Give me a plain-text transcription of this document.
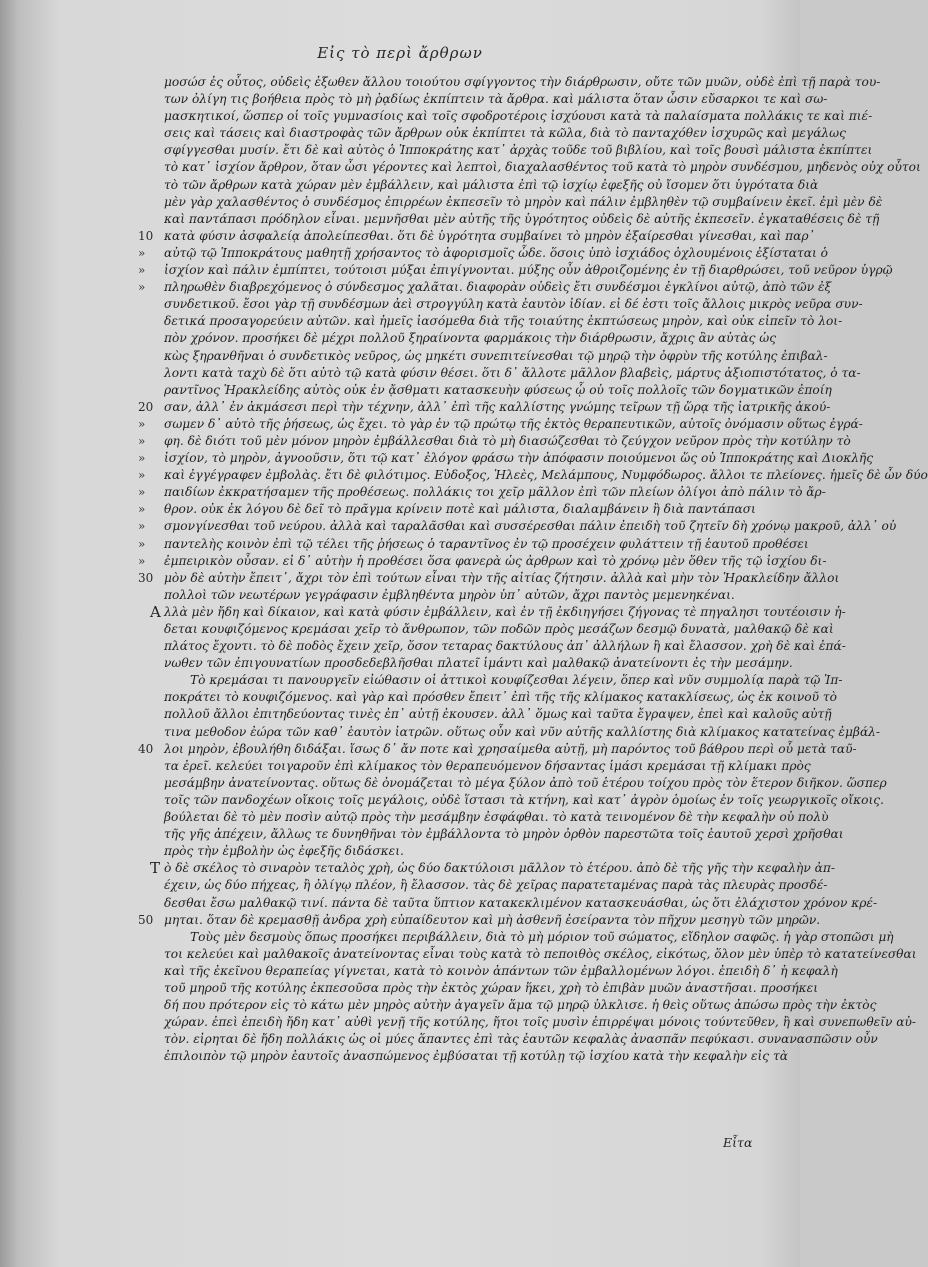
Εἰς τὸ περὶ ἄρθρων
μοσώσ ἐς οὗτος, οὐδεὶς ἐξωθεν ἄλλου τοιούτου σφίγγοντος τὴν διάρθρωσιν, οὔτε τῶν μυῶν, οὐδὲ ἐπὶ τῇ παρὰ του-
των ὀλίγη τις βοήθεια πρὸς τὸ μὴ ῥᾳδίως ἐκπίπτειν τὰ ἄρθρα. καὶ μάλιστα ὅταν ὦσιν εὔσαρκοι τε καὶ σω-
μασκητικοί, ὥσπερ οἱ τοῖς γυμνασίοις καὶ τοῖς σφοδροτέροις ἰσχύουσι κατὰ τὰ παλαίσματα πολλάκις τε καὶ πιέ-
σεις καὶ τάσεις καὶ διαστροφὰς τῶν ἄρθρων οὐκ ἐκπίπτει τὰ κῶλα, διὰ τὸ πανταχόθεν ἰσχυρῶς καὶ μεγάλως
σφίγγεσθαι μυσίν. ἔτι δὲ καὶ αὐτὸς ὁ Ἱπποκράτης κατ᾽ ἀρχὰς τοῦδε τοῦ βιβλίου, καὶ τοῖς βουσὶ μάλιστα ἐκπίπτει
τὸ κατ᾽ ἰσχίον ἄρθρον, ὅταν ὦσι γέροντες καὶ λεπτοὶ, διαχαλασθέντος τοῦ κατὰ τὸ μηρὸν συνδέσμου, μηδενὸς οὐχ οὗτοι
τὸ τῶν ἄρθρων κατὰ χώραν μὲν ἐμβάλλειν, καὶ μάλιστα ἐπὶ τῷ ἰσχίῳ ἐφεξῆς οὐ ἴσομεν ὅτι ὑγρότατα διὰ
μὲν γὰρ χαλασθέντος ὁ συνδέσμος ἐπιρρέων ἐκπεσεῖν τὸ μηρὸν καὶ πάλιν ἐμβληθὲν τῷ συμβαίνειν ἐκεῖ. ἐμὶ μὲν δὲ
καὶ παντάπασι πρόδηλον εἶναι. μεμνῆσθαι μὲν αὐτῆς τῆς ὑγρότητος οὐδεὶς δὲ αὐτῆς ἐκπεσεῖν. ἐγκαταθέσεις δὲ τῇ
10 κατὰ φύσιν ἀσφαλείᾳ ἀπολείπεσθαι. ὅτι δὲ ὑγρότητα συμβαίνει τὸ μηρὸν ἐξαίρεσθαι γίνεσθαι, καὶ παρ᾽
» αὐτῷ τῷ Ἱπποκράτους μαθητῇ χρήσαντος τὸ ἀφορισμοῖς ὧδε. ὅσοις ὑπὸ ἰσχιάδος ὀχλουμένοις ἐξίσταται ὁ
» ἰσχίον καὶ πάλιν ἐμπίπτει, τούτοισι μύξαι ἐπιγίγνονται. μύξης οὖν ἀθροιζομένης ἐν τῇ διαρθρώσει, τοῦ νεῦρον ὑγρῷ
» πληρωθὲν διαβρεχόμενος ὁ σύνδεσμος χαλᾶται. διαφορὰν οὐδεὶς ἔτι συνδέσμοι ἐγκλίνοι αὐτῷ, ἀπὸ τῶν ἐξ
συνδετικοῦ. ἔσοι γὰρ τῇ συνδέσμων ἀεὶ στρογγύλη κατὰ ἑαυτὸν ἰδίαν. εἰ δέ ἐστι τοῖς ἄλλοις μικρὸς νεῦρα συν-
δετικά προσαγορεύειν αὐτῶν. καὶ ἡμεῖς ἰασόμεθα διὰ τῆς τοιαύτης ἐκπτώσεως μηρὸν, καὶ οὐκ εἰπεῖν τὸ λοι-
πὸν χρόνον. προσήκει δὲ μέχρι πολλοῦ ξηραίνοντα φαρμάκοις τὴν διάρθρωσιν, ἄχρις ἂν αὐτὰς ὡς
κὼς ξηρανθῆναι ὁ συνδετικὸς νεῦρος, ὡς μηκέτι συνεπιτείνεσθαι τῷ μηρῷ τὴν ὀφρὺν τῆς κοτύλης ἐπιβαλ-
λοντι κατὰ ταχὺ δὲ ὅτι αὐτὸ τῷ κατὰ φύσιν θέσει. ὅτι δ᾽ ἄλλοτε μᾶλλον βλαβεὶς, μάρτυς ἀξιοπιστότατος, ὁ τα-
ραντῖνος Ἡρακλείδης αὐτὸς οὐκ ἐν ᾄσθματι κατασκευὴν φύσεως ᾧ οὐ τοῖς πολλοῖς τῶν δογματικῶν ἐποίη
20 σαν, ἀλλ᾽ ἐν ἀκμάσεσι περὶ τὴν τέχνην, ἀλλ᾽ ἐπὶ τῆς καλλίστης γνώμης τεῖρων τῇ ὥρᾳ τῆς ἰατρικῆς ἀκού-
» σωμεν δ᾽ αὐτὸ τῆς ῥήσεως, ὡς ἔχει. τὸ γὰρ ἐν τῷ πρώτῳ τῆς ἐκτὸς θεραπευτικῶν, αὐτοῖς ὀνόμασιν οὕτως ἐγρά-
» φη. δὲ διότι τοῦ μὲν μόνον μηρὸν ἐμβάλλεσθαι διὰ τὸ μὴ διασώζεσθαι τὸ ζεύγχον νεῦρον πρὸς τὴν κοτύλην τὸ
» ἰσχίον, τὸ μηρὸν, ἀγνοοῦσιν, ὅτι τῷ κατ᾽ ἐλόγον φράσω τὴν ἀπόφασιν ποιούμενοι ὥς οὐ Ἱπποκράτης καὶ Διοκλῆς
» καὶ ἐγγέγραφεν ἐμβολὰς. ἔτι δὲ φιλότιμος. Εὐδοξος, Ἡλεὲς, Μελάμπους, Νυμφόδωρος. ἄλλοι τε πλείονες. ἡμεῖς δὲ ὦν δύο
» παιδίων ἐκκρατήσαμεν τῆς προθέσεως. πολλάκις τοι χεῖρ μᾶλλον ἐπὶ τῶν πλείων ὀλίγοι ἀπὸ πάλιν τὸ ἄρ-
» θρον. οὐκ ἐκ λόγου δὲ δεῖ τὸ πρᾶγμα κρίνειν ποτὲ καὶ μάλιστα, διαλαμβάνειν ἢ διὰ παντάπασι
» σμονγίνεσθαι τοῦ νεύρου. ἀλλὰ καὶ ταραλᾶσθαι καὶ συσσέρεσθαι πάλιν ἐπειδὴ τοῦ ζητεῖν δὴ χρόνῳ μακροῦ, ἀλλ᾽ οὐ
» παντελὴς κοινὸν ἐπὶ τῷ τέλει τῆς ῥήσεως ὁ ταραντῖνος ἐν τῷ προσέχειν φυλάττειν τῇ ἑαυτοῦ προθέσει
» ἐμπειρικὸν οὖσαν. εἰ δ᾽ αὐτὴν ἡ προθέσει ὅσα φανερὰ ὡς ἀρθρων καὶ τὸ χρόνῳ μὲν ὅθεν τῆς τῷ ἰσχίου δι-
30 μὸν δὲ αὐτὴν ἔπειτ᾽, ἄχρι τὸν ἐπὶ τούτων εἶναι τὴν τῆς αἰτίας ζήτησιν. ἀλλὰ καὶ μὴν τὸν Ἡρακλείδην ἄλλοι
πολλοὶ τῶν νεωτέρων γεγράφασιν ἐμβληθέντα μηρὸν ὑπ᾽ αὐτῶν, ἄχρι παντὸς μεμενηκέναι.
A λλὰ μὲν ἤδη καὶ δίκαιον, καὶ κατὰ φύσιν ἐμβάλλειν, καὶ ἐν τῇ ἐκδιηγήσει ζήγονας τὲ πηγαλησι τουτέοισιν ἡ-
δεται κουφιζόμενος κρεμάσαι χεῖρ τὸ ἄνθρωπον, τῶν ποδῶν πρὸς μεσάζων δεσμῷ δυνατὰ, μαλθακῷ δὲ καὶ
πλάτος ἔχοντι. τὸ δὲ ποδὸς ἔχειν χεῖρ, ὅσον τεταρας δακτύλους ἀπ᾽ ἀλλήλων ἢ καὶ ἔλασσον. χρὴ δὲ καὶ ἐπά-
νωθεν τῶν ἐπιγουνατίων προσδεδεβλῆσθαι πλατεῖ ἱμάντι καὶ μαλθακῷ ἀνατείνοντι ἐς τὴν μεσάμην.
Τὸ κρεμάσαι τι πανουργεῖν εἰώθασιν οἱ ἀττικοὶ κουφίζεσθαι λέγειν, ὅπερ καὶ νῦν συμμολίᾳ παρὰ τῷ Ἱπ-
ποκράτει τὸ κουφιζόμενος. καὶ γὰρ καὶ πρόσθεν ἔπειτ᾽ ἐπὶ τῆς τῆς κλίμακος κατακλίσεως, ὡς ἐκ κοινοῦ τὸ
πολλοῦ ἄλλοι ἐπιτηδεύοντας τινὲς ἐπ᾽ αὐτῇ ἐκουσεν. ἀλλ᾽ ὅμως καὶ ταῦτα ἔγραψεν, ἐπεὶ καὶ καλοῦς αὐτῇ
τινα μεθοδον ἐώρα τῶν καθ᾽ ἑαυτὸν ἰατρῶν. οὕτως οὖν καὶ νῦν αὐτῆς καλλίστης διὰ κλίμακος κατατείνας ἐμβάλ-
40 λοι μηρὸν, ἐβουλήθη διδάξαι. ἴσως δ᾽ ἄν ποτε καὶ χρησαίμεθα αὐτῇ, μὴ παρόντος τοῦ βάθρου περὶ οὗ μετὰ ταῦ-
τα ἐρεῖ. κελεύει τοιγαροῦν ἐπὶ κλίμακος τὸν θεραπευόμενον δήσαντας ἱμάσι κρεμάσαι τῇ κλίμακι πρὸς
μεσάμβην ἀνατείνοντας. οὕτως δὲ ὀνομάζεται τὸ μέγα ξύλον ἀπὸ τοῦ ἑτέρου τοίχου πρὸς τὸν ἕτερον διῆκον. ὥσπερ
τοῖς τῶν πανδοχέων οἴκοις τοῖς μεγάλοις, οὐδὲ ἵστασι τὰ κτήνη, καὶ κατ᾽ ἀγρὸν ὁμοίως ἐν τοῖς γεωργικοῖς οἴκοις.
βούλεται δὲ τὸ μὲν ποσὶν αὐτῷ πρὸς τὴν μεσάμβην ἐσφάφθαι. τὸ κατὰ τεινομένον δὲ τὴν κεφαλὴν οὐ πολὺ
τῆς γῆς ἀπέχειν, ἄλλως τε δυνηθῆναι τὸν ἐμβάλλοντα τὸ μηρὸν ὀρθὸν παρεστῶτα τοῖς ἑαυτοῦ χερσὶ χρῆσθαι
πρὸς τὴν ἐμβολὴν ὡς ἐφεξῆς διδάσκει.
T ὸ δὲ σκέλος τὸ σιναρὸν τεταλὸς χρὴ, ὡς δύο δακτύλοισι μᾶλλον τὸ ἑτέρου. ἀπὸ δὲ τῆς γῆς τὴν κεφαλὴν ἀπ-
έχειν, ὡς δύο πήχεας, ἢ ὀλίγῳ πλέον, ἢ ἔλασσον. τὰς δὲ χεῖρας παρατεταμένας παρὰ τὰς πλευρὰς προσδέ-
δεσθαι ἔσω μαλθακῷ τινί. πάντα δὲ ταῦτα ὕπτιον κατακεκλιμένον κατασκευάσθαι, ὡς ὅτι ἐλάχιστον χρόνον κρέ-
50 μηται. ὅταν δὲ κρεμασθῇ ἀνδρα χρὴ εὐπαίδευτον καὶ μὴ ἀσθενῆ ἐσείραντα τὸν πῆχυν μεσηγὺ τῶν μηρῶν.
Τοὺς μὲν δεσμοὺς ὅπως προσήκει περιβάλλειν, διὰ τὸ μὴ μόριον τοῦ σώματος, εἴδηλον σαφῶς. ἡ γὰρ στοπῶσι μὴ
τοι κελεύει καὶ μαλθακοῖς ἀνατείνοντας εἶναι τοὺς κατὰ τὸ πεποιθὸς σκέλος, εἰκότως, ὅλον μὲν ὑπὲρ τὸ κατατείνεσθαι
καὶ τῆς ἐκεῖνου θεραπείας γίγνεται, κατὰ τὸ κοινὸν ἁπάντων τῶν ἐμβαλλομένων λόγοι. ἐπειδὴ δ᾽ ἡ κεφαλὴ
τοῦ μηροῦ τῆς κοτύλης ἐκπεσοῦσα πρὸς τὴν ἐκτὸς χώραν ἥκει, χρὴ τὸ ἐπιβὰν μυῶν ἀναστῆσαι. προσήκει
δή που πρότερον εἰς τὸ κάτω μὲν μηρὸς αὐτὴν ἀγαγεῖν ἅμα τῷ μηρῷ ὑλκλισε. ἡ θεὶς οὕτως ἀπώσω πρὸς τὴν ἐκτὸς
χώραν. ἐπεὶ ἐπειδὴ ἤδη κατ᾽ αὐθὶ γενῇ τῆς κοτύλης, ἤτοι τοῖς μυσὶν ἐπιρρέψαι μόνοις τούντεῦθεν, ἢ καὶ συνεπωθεῖν αὐ-
τὸν. εἰρηται δὲ ἤδη πολλάκις ὡς οἱ μύες ἅπαντες ἐπὶ τὰς ἑαυτῶν κεφαλὰς ἀνασπᾶν πεφύκασι. συνανασπῶσιν οὖν
ἐπιλοιπὸν τῷ μηρὸν ἑαυτοῖς ἀνασπώμενος ἐμβύσαται τῇ κοτύλῃ τῷ ἰσχίου κατὰ τὴν κεφαλὴν εἰς τὰ
Εἶτα
